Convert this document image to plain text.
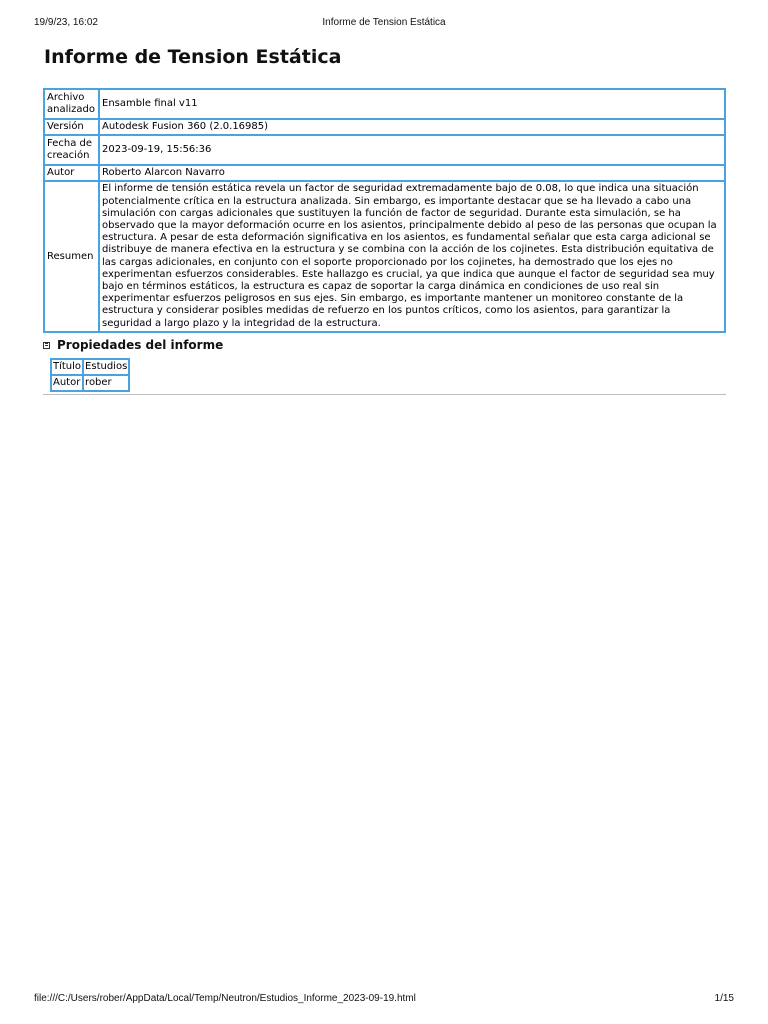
19/9/23, 16:02	Informe de Tension Estática
Informe de Tension Estática
Archivo analizado	Ensamble final v11
Versión	Autodesk Fusion 360 (2.0.16985)
Fecha de creación	2023-09-19, 15:56:36
Autor	Roberto Alarcon Navarro
Resumen	El informe de tensión estática revela un factor de seguridad extremadamente bajo de 0.08, lo que indica una situación potencialmente crítica en la estructura analizada. Sin embargo, es importante destacar que se ha llevado a cabo una simulación con cargas adicionales que sustituyen la función de factor de seguridad. Durante esta simulación, se ha observado que la mayor deformación ocurre en los asientos, principalmente debido al peso de las personas que ocupan la estructura. A pesar de esta deformación significativa en los asientos, es fundamental señalar que esta carga adicional se distribuye de manera efectiva en la estructura y se combina con la acción de los cojinetes. Esta distribución equitativa de las cargas adicionales, en conjunto con el soporte proporcionado por los cojinetes, ha demostrado que los ejes no experimentan esfuerzos considerables. Este hallazgo es crucial, ya que indica que aunque el factor de seguridad sea muy bajo en términos estáticos, la estructura es capaz de soportar la carga dinámica en condiciones de uso real sin experimentar esfuerzos peligrosos en sus ejes. Sin embargo, es importante mantener un monitoreo constante de la estructura y considerar posibles medidas de refuerzo en los puntos críticos, como los asientos, para garantizar la seguridad a largo plazo y la integridad de la estructura.
Propiedades del informe
Título	Estudios
Autor	rober
file:///C:/Users/rober/AppData/Local/Temp/Neutron/Estudios_Informe_2023-09-19.html	1/15
